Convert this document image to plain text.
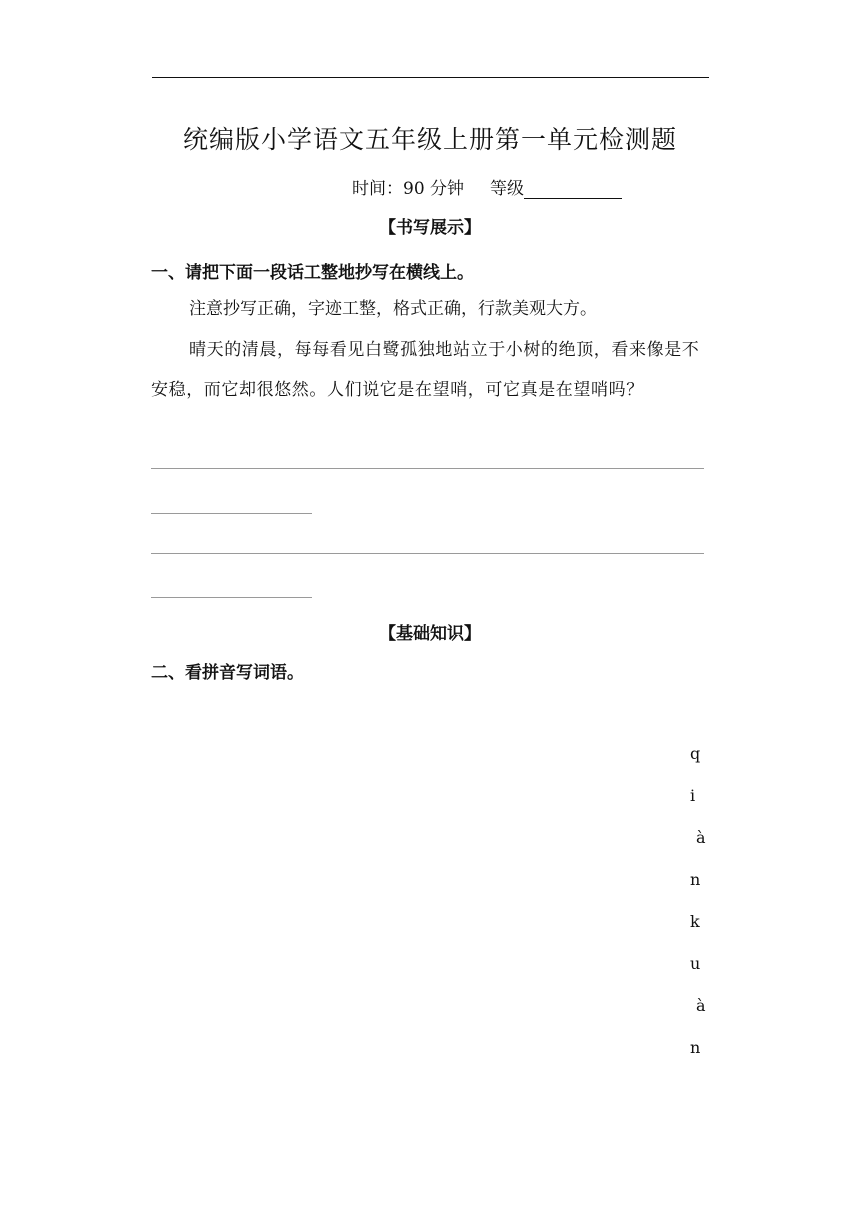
统编版小学语文五年级上册第一单元检测题
时间：90 分钟 等级
【书写展示】
一、请把下面一段话工整地抄写在横线上。
注意抄写正确，字迹工整，格式正确，行款美观大方。
晴天的清晨，每每看见白鹭孤独地站立于小树的绝顶，看来像是不安稳，而它却很悠然。人们说它是在望哨，可它真是在望哨吗？
【基础知识】
二、看拼音写词语。
q
i
à
n
k
u
à
n
